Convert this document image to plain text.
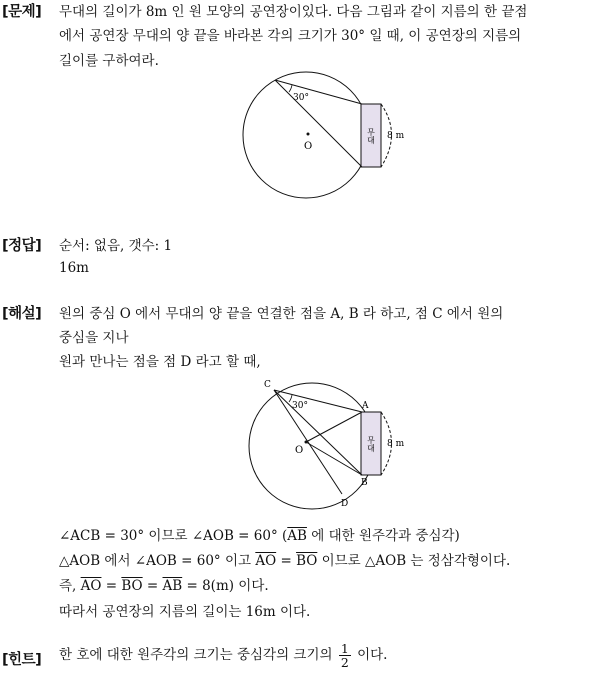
[문제] 무대의 길이가 8m 인 원 모양의 공연장이있다. 다음 그림과 같이 지름의 한 끝점
에서 공연장 무대의 양 끝을 바라본 각의 크기가 30° 일 때, 이 공연장의 지름의
길이를 구하여라.
30°
O
무대 8 m
[정답] 순서: 없음, 갯수: 1
16m
[해설] 원의 중심 O 에서 무대의 양 끝을 연결한 점을 A, B 라 하고, 점 C 에서 원의
중심을 지나
원과 만나는 점을 점 D 라고 할 때,
30°
O
C
A
B
D
무대 8 m
∠ACB = 30° 이므로 ∠AOB = 60° ($\overline{AB}$ 에 대한 원주각과 중심각)
△AOB 에서 ∠AOB = 60° 이고 $\overline{AO} = \overline{BO}$ 이므로 △AOB 는 정삼각형이다.
즉, $\overline{AO} = \overline{BO} = \overline{AB} = 8(m)$ 이다.
따라서 공연장의 지름의 길이는 16m 이다.
[힌트] 한 호에 대한 원주각의 크기는 중심각의 크기의 $\frac{1}{2}$ 이다.
